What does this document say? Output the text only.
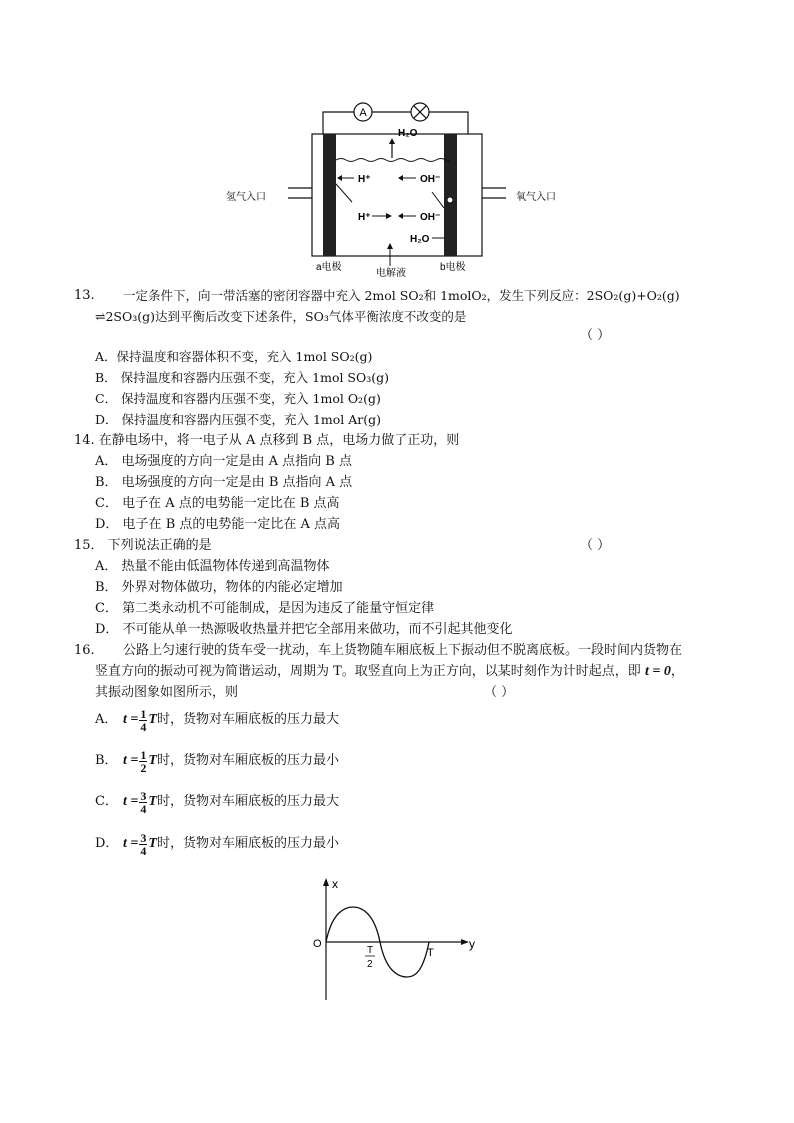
A
H₂O
H⁺	OH⁻
H⁺	OH⁻
H₂O
氢气入口	氧气入口
a电极
电解液
b电极
13. 一定条件下，向一带活塞的密闭容器中充入 2mol SO₂和 1molO₂，发生下列反应：2SO₂(g)+O₂(g)
⇌2SO₃(g)达到平衡后改变下述条件，SO₃气体平衡浓度不改变的是
（ ）
A．保持温度和容器体积不变，充入 1mol SO₂(g)
B． 保持温度和容器内压强不变，充入 1mol SO₃(g)
C． 保持温度和容器内压强不变，充入 1mol O₂(g)
D． 保持温度和容器内压强不变，充入 1mol Ar(g)
14. 在静电场中，将一电子从 A 点移到 B 点，电场力做了正功，则
A． 电场强度的方向一定是由 A 点指向 B 点
B． 电场强度的方向一定是由 B 点指向 A 点
C． 电子在 A 点的电势能一定比在 B 点高
D． 电子在 B 点的电势能一定比在 A 点高
15． 下列说法正确的是	（ ）
A． 热量不能由低温物体传递到高温物体
B． 外界对物体做功，物体的内能必定增加
C． 第二类永动机不可能制成，是因为违反了能量守恒定律
D． 不可能从单一热源吸收热量并把它全部用来做功，而不引起其他变化
16. 公路上匀速行驶的货车受一扰动，车上货物随车厢底板上下振动但不脱离底板。一段时间内货物在
竖直方向的振动可视为简谐运动，周期为 T。取竖直向上为正方向，以某时刻作为计时起点，即 t = 0，
其振动图象如图所示，则	（ ）
A． $t = \frac{1}{4}$ T 时，货物对车厢底板的压力最大
B． $t = \frac{1}{2}$ T 时，货物对车厢底板的压力最小
C． $t = \frac{3}{4}$ T 时，货物对车厢底板的压力最大
D． $t = \frac{3}{4}$ T 时，货物对车厢底板的压力最小
x
y
O
T
2
T
